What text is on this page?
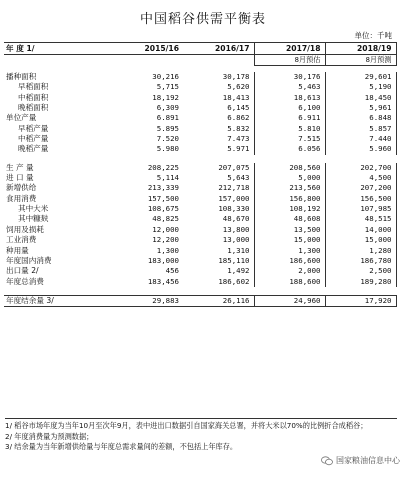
中国稻谷供需平衡表
单位：千吨
年 度 1/	2015/16	2016/17	2017/18	2018/19
			8月预估	8月预测

播种面积	30,216	30,178	30,176	29,601
早稻面积	5,715	5,620	5,463	5,190
中稻面积	18,192	18,413	18,613	18,450
晚稻面积	6,309	6,145	6,100	5,961
单位产量	6.891	6.862	6.911	6.848
早稻产量	5.895	5.832	5.810	5.857
中稻产量	7.520	7.473	7.515	7.440
晚稻产量	5.980	5.971	6.056	5.960

生 产 量	208,225	207,075	208,560	202,700
进 口 量	5,114	5,643	5,000	4,500
新增供给	213,339	212,718	213,560	207,200
食用消费	157,500	157,000	156,800	156,500
其中大米	108,675	108,330	108,192	107,985
其中糠麸	48,825	48,670	48,608	48,515
饲用及损耗	12,000	13,800	13,500	14,000
工业消费	12,200	13,000	15,000	15,000
种用量	1,300	1,310	1,300	1,280
年度国内消费	183,000	185,110	186,600	186,780
出口量 2/	456	1,492	2,000	2,500
年度总消费	183,456	186,602	188,600	189,280

年度结余量 3/	29,883	26,116	24,960	17,920
1/ 稻谷市场年度为当年10月至次年9月，表中进出口数据引自国家海关总署，并将大米以70%的比例折合成稻谷；
2/ 年度消费量为预测数据；
3/ 结余量为当年新增供给量与年度总需求量间的差额，不包括上年库存。
国家粮油信息中心
